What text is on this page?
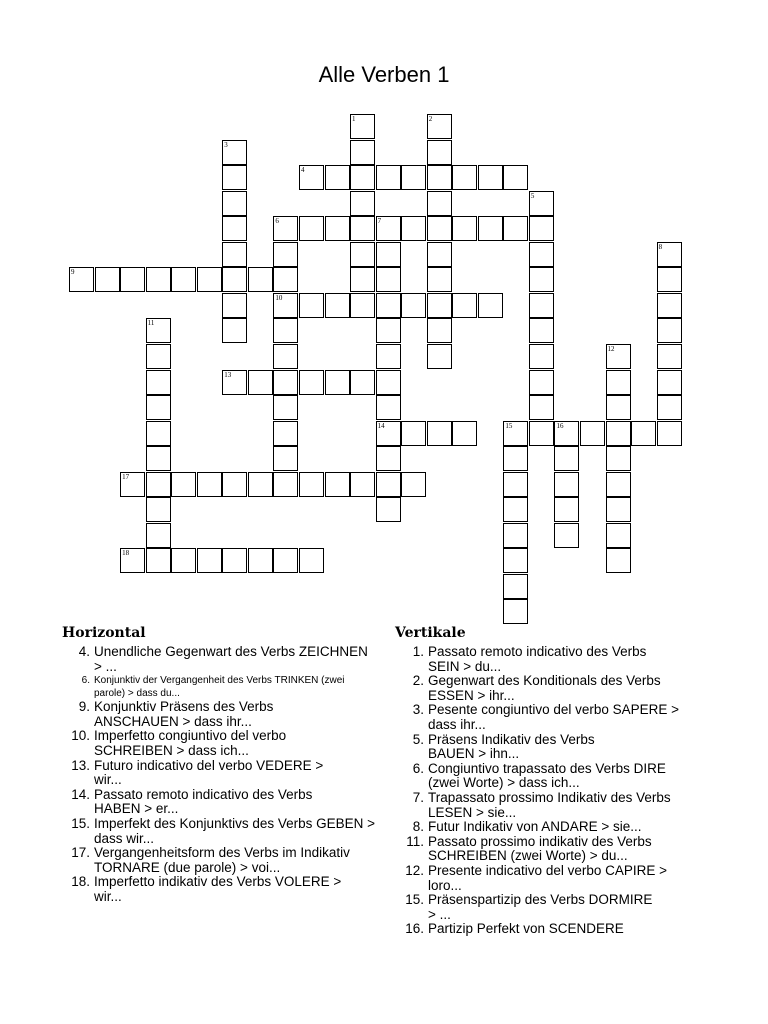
Alle Verben 1
1	2
3
4
5
6	7
10
14
8
9
11
12
13
15	16
17
18
Horizontal	Vertikale
4. Unendliche Gegenwart des Verbs ZEICHNEN
> ...
6. Konjunktiv der Vergangenheit des Verbs TRINKEN (zwei
parole) > dass du...
9. Konjunktiv Präsens des Verbs
ANSCHAUEN > dass ihr...
10. Imperfetto congiuntivo del verbo
SCHREIBEN > dass ich...
13. Futuro indicativo del verbo VEDERE >
wir...
14. Passato remoto indicativo des Verbs
HABEN > er...
15. Imperfekt des Konjunktivs des Verbs GEBEN >
dass wir...
17. Vergangenheitsform des Verbs im Indikativ
TORNARE (due parole) > voi...
18. Imperfetto indikativ des Verbs VOLERE >
wir...
1. Passato remoto indicativo des Verbs
SEIN > du...
2. Gegenwart des Konditionals des Verbs
ESSEN > ihr...
3. Pesente congiuntivo del verbo SAPERE >
dass ihr...
5. Präsens Indikativ des Verbs
BAUEN > ihn...
6. Congiuntivo trapassato des Verbs DIRE
(zwei Worte) > dass ich...
7. Trapassato prossimo Indikativ des Verbs
LESEN > sie...
8. Futur Indikativ von ANDARE > sie...
11. Passato prossimo indikativ des Verbs
SCHREIBEN (zwei Worte) > du...
12. Presente indicativo del verbo CAPIRE >
loro...
15. Präsenspartizip des Verbs DORMIRE
> ...
16. Partizip Perfekt von SCENDERE
